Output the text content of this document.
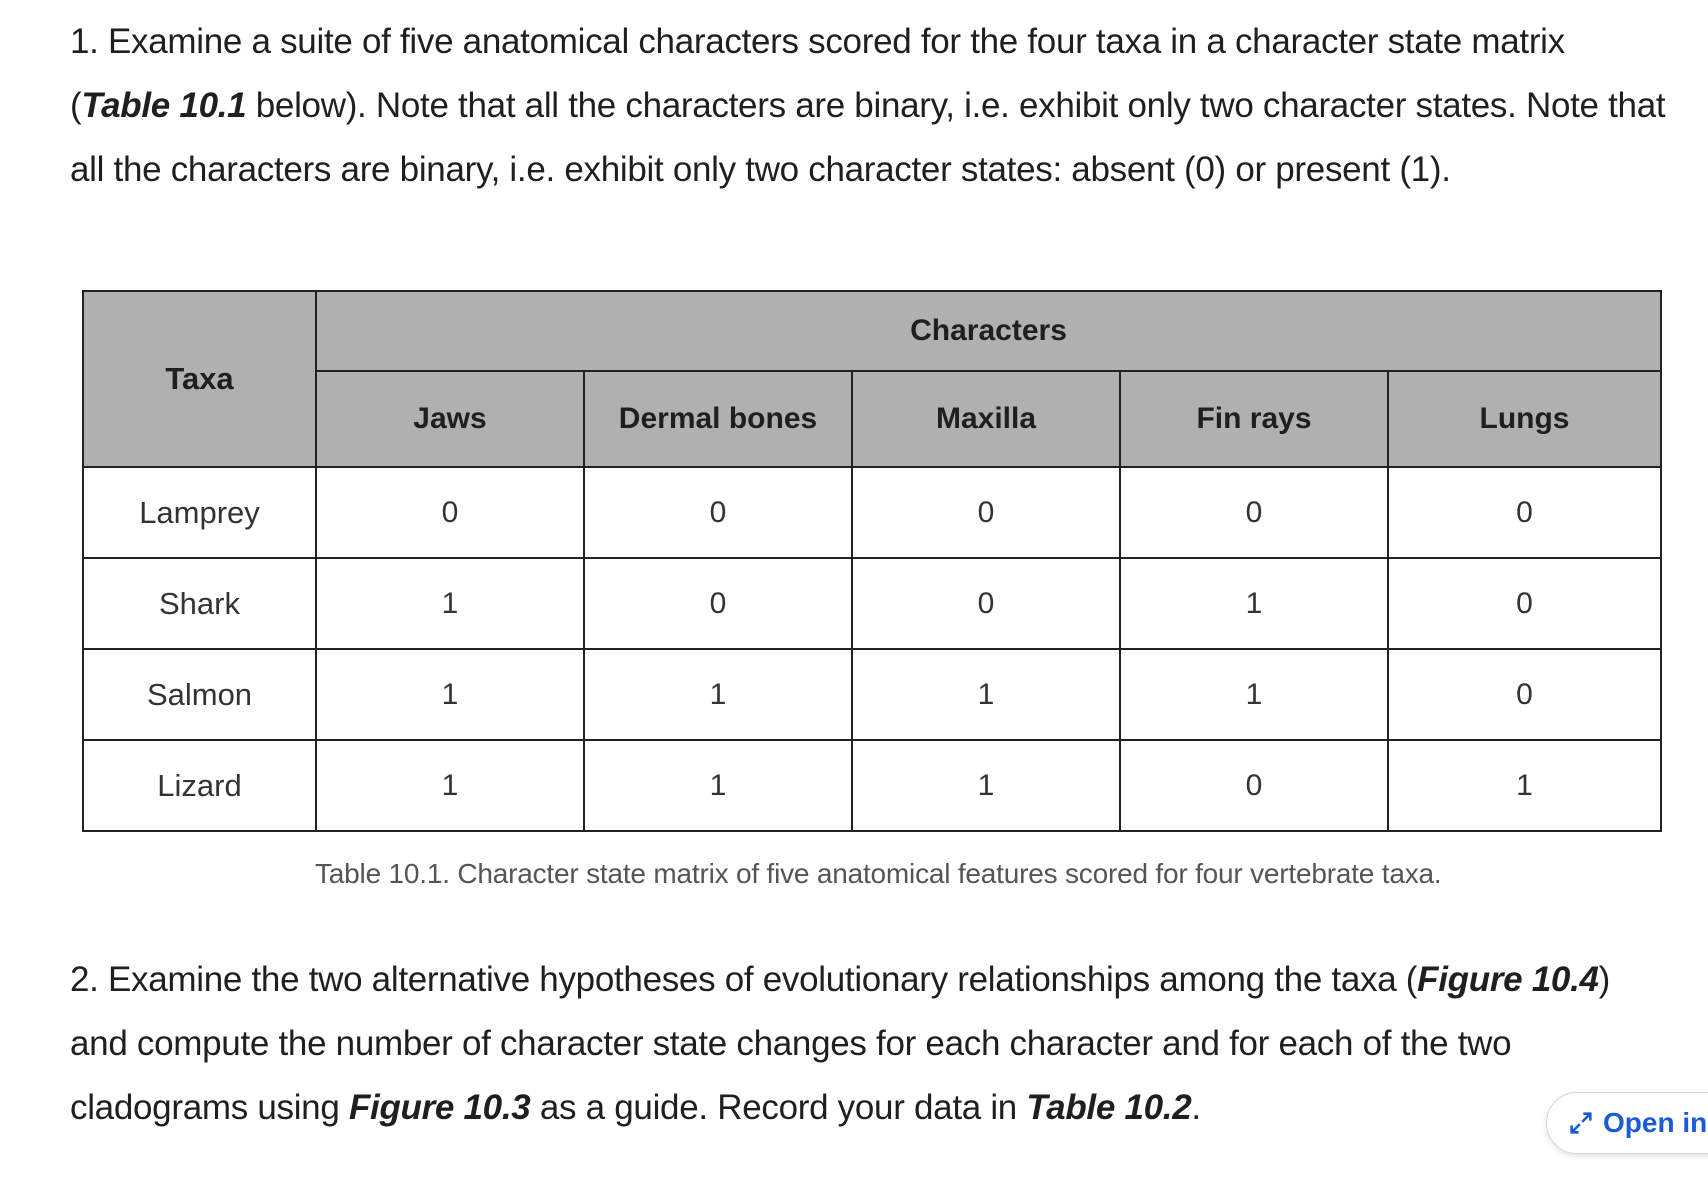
1. Examine a suite of five anatomical characters scored for the four taxa in a character state matrix (Table 10.1 below). Note that all the characters are binary, i.e. exhibit only two character states. Note that all the characters are binary, i.e. exhibit only two character states: absent (0) or present (1).

Taxa	Characters				
	Jaws	Dermal bones	Maxilla	Fin rays	Lungs
Lamprey	0	0	0	0	0
Shark	1	0	0	1	0
Salmon	1	1	1	1	0
Lizard	1	1	1	0	1
Table 10.1. Character state matrix of five anatomical features scored for four vertebrate taxa.

2. Examine the two alternative hypotheses of evolutionary relationships among the taxa (Figure 10.4) and compute the number of character state changes for each character and for each of the two cladograms using Figure 10.3 as a guide. Record your data in Table 10.2.	Open in
